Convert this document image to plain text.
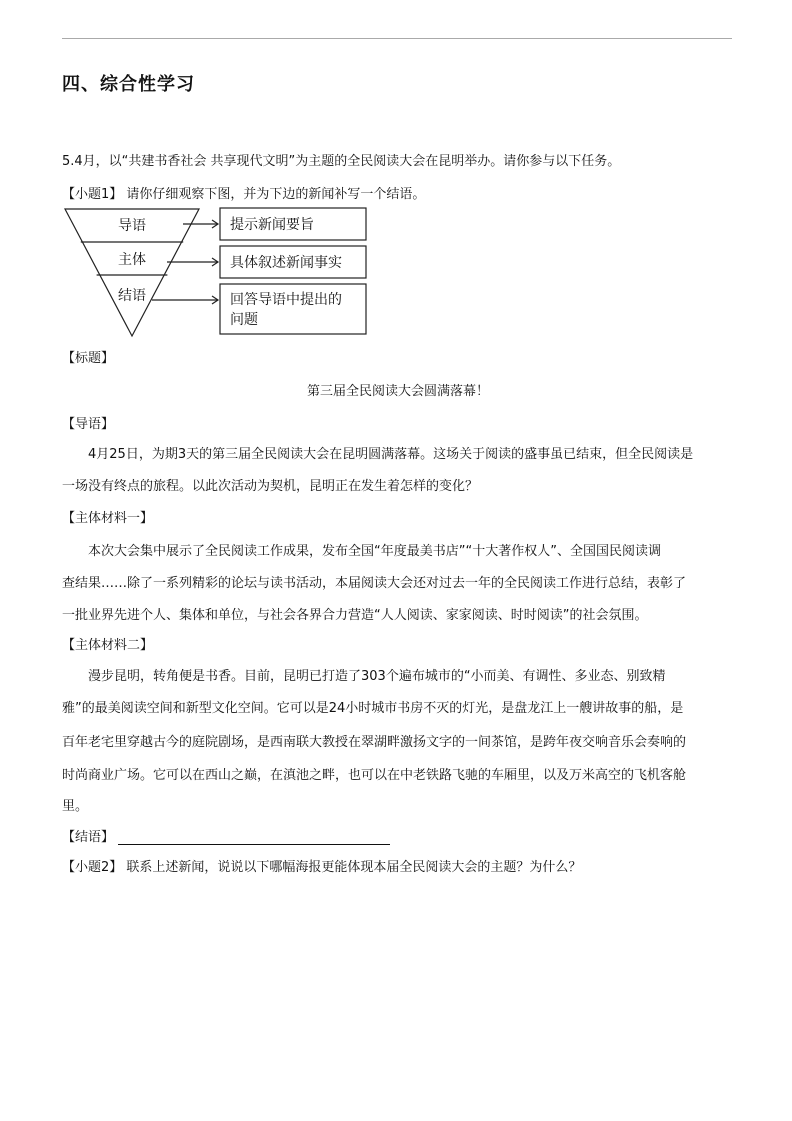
四、综合性学习
5.4月，以“共建书香社会 共享现代文明”为主题的全民阅读大会在昆明举办。请你参与以下任务。
【小题1】 请你仔细观察下图，并为下边的新闻补写一个结语。
导语
主体
结语
提示新闻要旨
具体叙述新闻事实
回答导语中提出的
问题
【标题】
第三届全民阅读大会圆满落幕！
【导语】
4月25日，为期3天的第三届全民阅读大会在昆明圆满落幕。这场关于阅读的盛事虽已结束，但全民阅读是
一场没有终点的旅程。以此次活动为契机，昆明正在发生着怎样的变化？
【主体材料一】
本次大会集中展示了全民阅读工作成果，发布全国“年度最美书店”“十大著作权人”、全国国民阅读调
查结果……除了一系列精彩的论坛与读书活动，本届阅读大会还对过去一年的全民阅读工作进行总结，表彰了
一批业界先进个人、集体和单位，与社会各界合力营造“人人阅读、家家阅读、时时阅读”的社会氛围。
【主体材料二】
漫步昆明，转角便是书香。目前，昆明已打造了303个遍布城市的“小而美、有调性、多业态、别致精
雅”的最美阅读空间和新型文化空间。它可以是24小时城市书房不灭的灯光，是盘龙江上一艘讲故事的船，是
百年老宅里穿越古今的庭院剧场，是西南联大教授在翠湖畔激扬文字的一间茶馆，是跨年夜交响音乐会奏响的
时尚商业广场。它可以在西山之巅，在滇池之畔，也可以在中老铁路飞驰的车厢里，以及万米高空的飞机客舱
里。
【结语】
【小题2】 联系上述新闻，说说以下哪幅海报更能体现本届全民阅读大会的主题？为什么？
